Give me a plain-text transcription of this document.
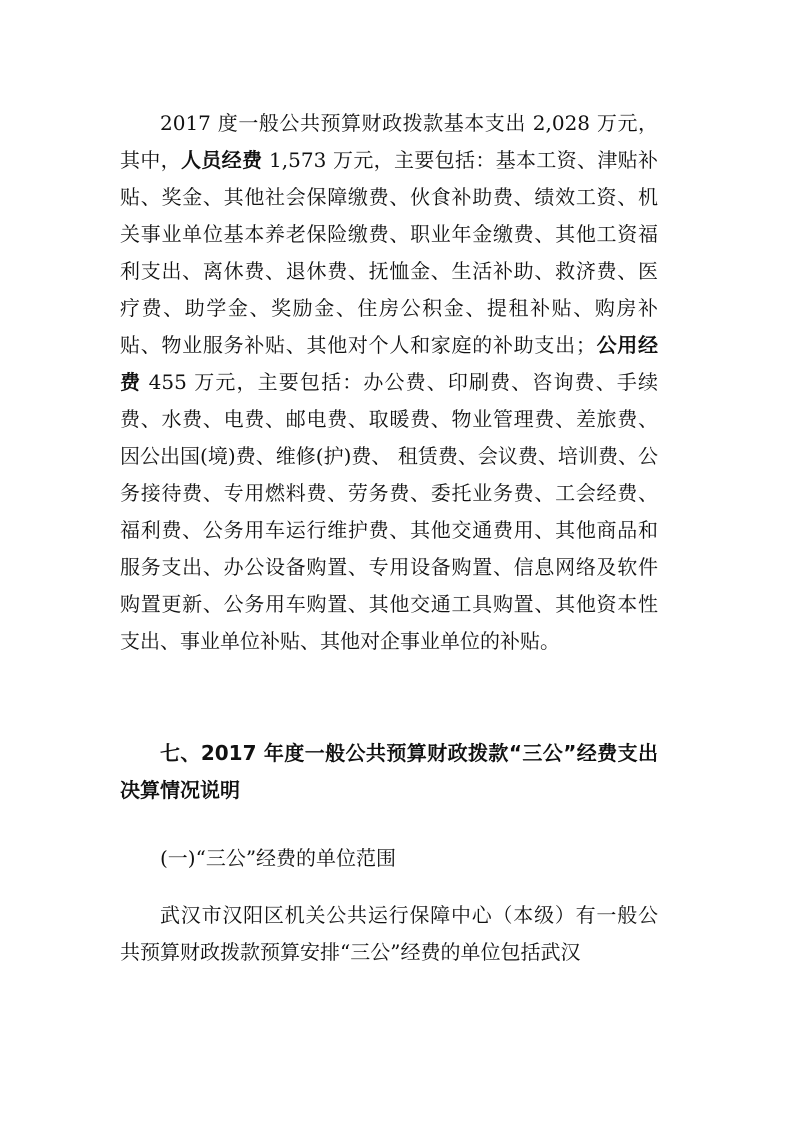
2017 度一般公共预算财政拨款基本支出 2,028 万元，其中，人员经费 1,573 万元，主要包括：基本工资、津贴补贴、奖金、其他社会保障缴费、伙食补助费、绩效工资、机关事业单位基本养老保险缴费、职业年金缴费、其他工资福利支出、离休费、退休费、抚恤金、生活补助、救济费、医疗费、助学金、奖励金、住房公积金、提租补贴、购房补贴、物业服务补贴、其他对个人和家庭的补助支出；公用经费 455 万元，主要包括：办公费、印刷费、咨询费、手续费、水费、电费、邮电费、取暖费、物业管理费、差旅费、因公出国(境)费、维修(护)费、 租赁费、会议费、培训费、公务接待费、专用燃料费、劳务费、委托业务费、工会经费、福利费、公务用车运行维护费、其他交通费用、其他商品和服务支出、办公设备购置、专用设备购置、信息网络及软件购置更新、公务用车购置、其他交通工具购置、其他资本性支出、事业单位补贴、其他对企事业单位的补贴。

七、2017 年度一般公共预算财政拨款“三公”经费支出决算情况说明

(一)“三公”经费的单位范围

武汉市汉阳区机关公共运行保障中心（本级）有一般公共预算财政拨款预算安排“三公”经费的单位包括武汉
